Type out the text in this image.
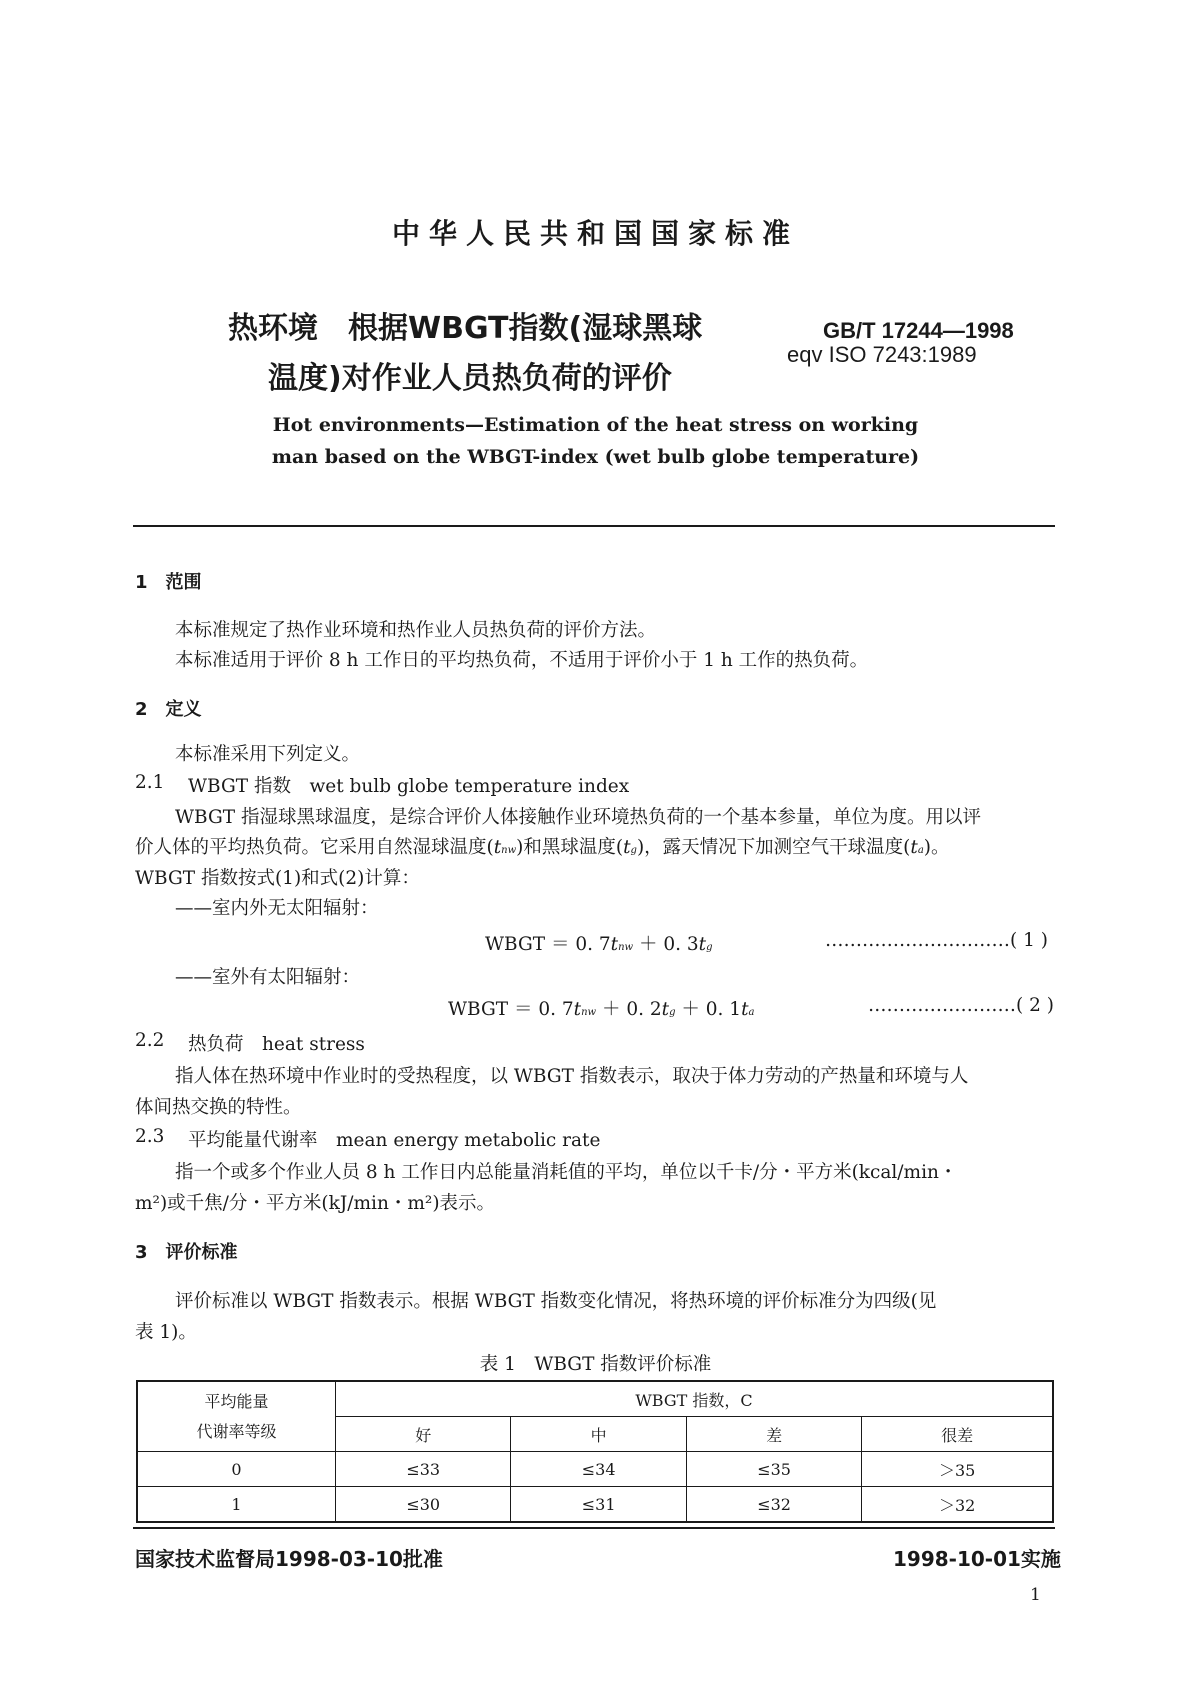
中华人民共和国国家标准
热环境　根据WBGT指数(湿球黑球
温度)对作业人员热负荷的评价
GB/T 17244—1998
eqv ISO 7243:1989
Hot environments—Estimation of the heat stress on working
man based on the WBGT-index (wet bulb globe temperature)
1　范围
本标准规定了热作业环境和热作业人员热负荷的评价方法。
本标准适用于评价 8 h 工作日的平均热负荷，不适用于评价小于 1 h 工作的热负荷。
2　定义
本标准采用下列定义。
2.1 WBGT 指数　wet bulb globe temperature index
WBGT 指湿球黑球温度，是综合评价人体接触作业环境热负荷的一个基本参量，单位为度。用以评
价人体的平均热负荷。它采用自然湿球温度(tnw)和黑球温度(tg)，露天情况下加测空气干球温度(ta)。
WBGT 指数按式(1)和式(2)计算：
——室内外无太阳辐射：
WBGT ＝ 0. 7tnw ＋ 0. 3tg	…………………………( 1 )
——室外有太阳辐射：
WBGT ＝ 0. 7tnw ＋ 0. 2tg ＋ 0. 1ta	……………………( 2 )
2.2 热负荷　heat stress
指人体在热环境中作业时的受热程度，以 WBGT 指数表示，取决于体力劳动的产热量和环境与人
体间热交换的特性。
2.3 平均能量代谢率　mean energy metabolic rate
指一个或多个作业人员 8 h 工作日内总能量消耗值的平均，单位以千卡/分・平方米(kcal/min・
m²)或千焦/分・平方米(kJ/min・m²)表示。
3　评价标准
评价标准以 WBGT 指数表示。根据 WBGT 指数变化情况，将热环境的评价标准分为四级(见
表 1)。
表 1　WBGT 指数评价标准
平均能量
代谢率等级	WBGT 指数，C			
	好	中	差	很差
0	≤33	≤34	≤35	＞35
1	≤30	≤31	≤32	＞32
国家技术监督局1998-03-10批准	1998-10-01实施
1
